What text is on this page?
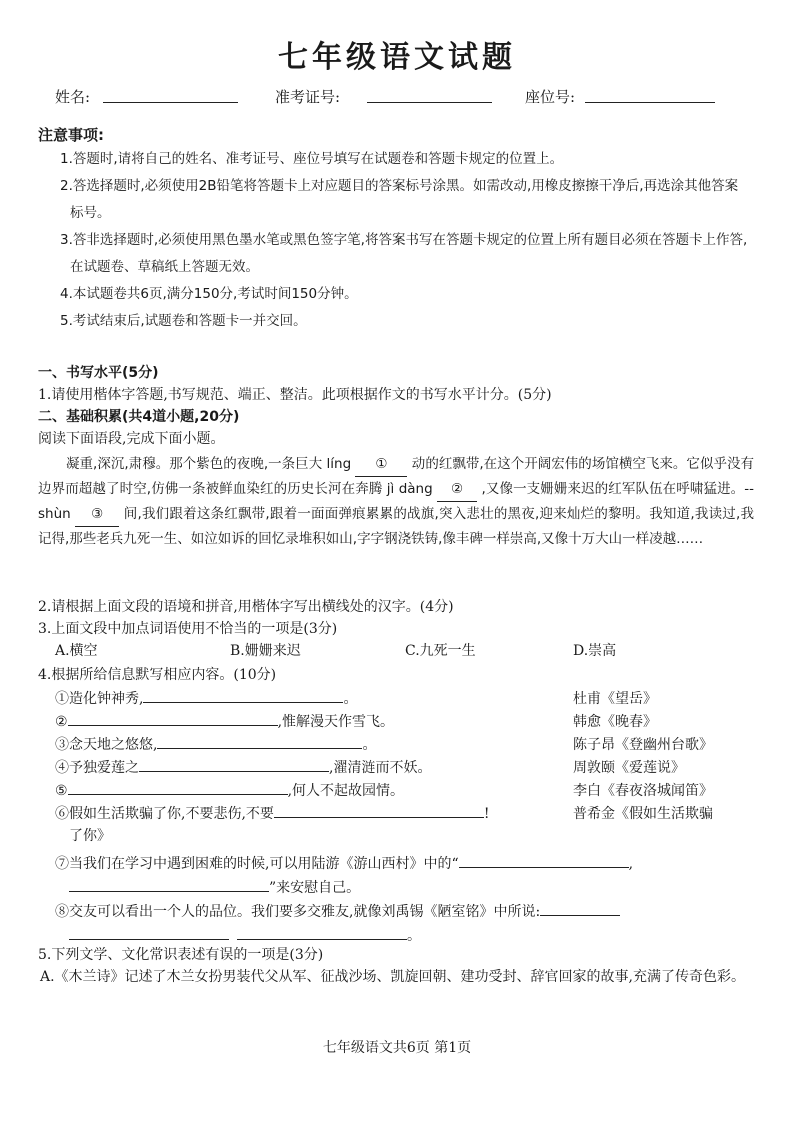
七年级语文试题
姓名:	准考证号:	座位号:
注意事项:
1.答题时,请将自己的姓名、准考证号、座位号填写在试题卷和答题卡规定的位置上。
2.答选择题时,必须使用2B铅笔将答题卡上对应题目的答案标号涂黑。如需改动,用橡皮擦擦干净后,再选涂其他答案标号。
3.答非选择题时,必须使用黑色墨水笔或黑色签字笔,将答案书写在答题卡规定的位置上所有题目必须在答题卡上作答,在试题卷、草稿纸上答题无效。
4.本试题卷共6页,满分150分,考试时间150分钟。
5.考试结束后,试题卷和答题卡一并交回。
一、书写水平(5分)
1.请使用楷体字答题,书写规范、端正、整洁。此项根据作文的书写水平计分。(5分)
二、基础积累(共4道小题,20分)
阅读下面语段,完成下面小题。
凝重,深沉,肃穆。那个紫色的夜晚,一条巨大 líng ① 动的红飘带,在这个开阔宏伟的场馆横空飞来。它似乎没有边界而超越了时空,仿佛一条被鲜血染红的历史长河在奔腾 jì dàng ② ,又像一支姗姗来迟的红军队伍在呼啸猛进。-- shùn ③ 间,我们跟着这条红飘带,跟着一面面弹痕累累的战旗,突入悲壮的黑夜,迎来灿烂的黎明。我知道,我读过,我记得,那些老兵九死一生、如泣如诉的回忆录堆积如山,字字钢浇铁铸,像丰碑一样崇高,又像十万大山一样凌越……
2.请根据上面文段的语境和拼音,用楷体字写出横线处的汉字。(4分)
3.上面文段中加点词语使用不恰当的一项是(3分)
A.横空	B.姗姗来迟	C.九死一生	D.崇高
4.根据所给信息默写相应内容。(10分)
①造化钟神秀,	。	杜甫《望岳》
②	,惟解漫天作雪飞。	韩愈《晚春》
③念天地之悠悠,	。	陈子昂《登幽州台歌》
④予独爱莲之	,濯清涟而不妖。	周敦颐《爱莲说》
⑤	,何人不起故园情。	李白《春夜洛城闻笛》
⑥假如生活欺骗了你,不要悲伤,不要	!	普希金《假如生活欺骗
了你》
⑦当我们在学习中遇到困难的时候,可以用陆游《游山西村》中的“	,
”来安慰自己。
⑧交友可以看出一个人的品位。我们要多交雅友,就像刘禹锡《陋室铭》中所说:
。
5.下列文学、文化常识表述有误的一项是(3分)
A.《木兰诗》记述了木兰女扮男装代父从军、征战沙场、凯旋回朝、建功受封、辞官回家的故事,充满了传奇色彩。
七年级语文共6页 第1页
